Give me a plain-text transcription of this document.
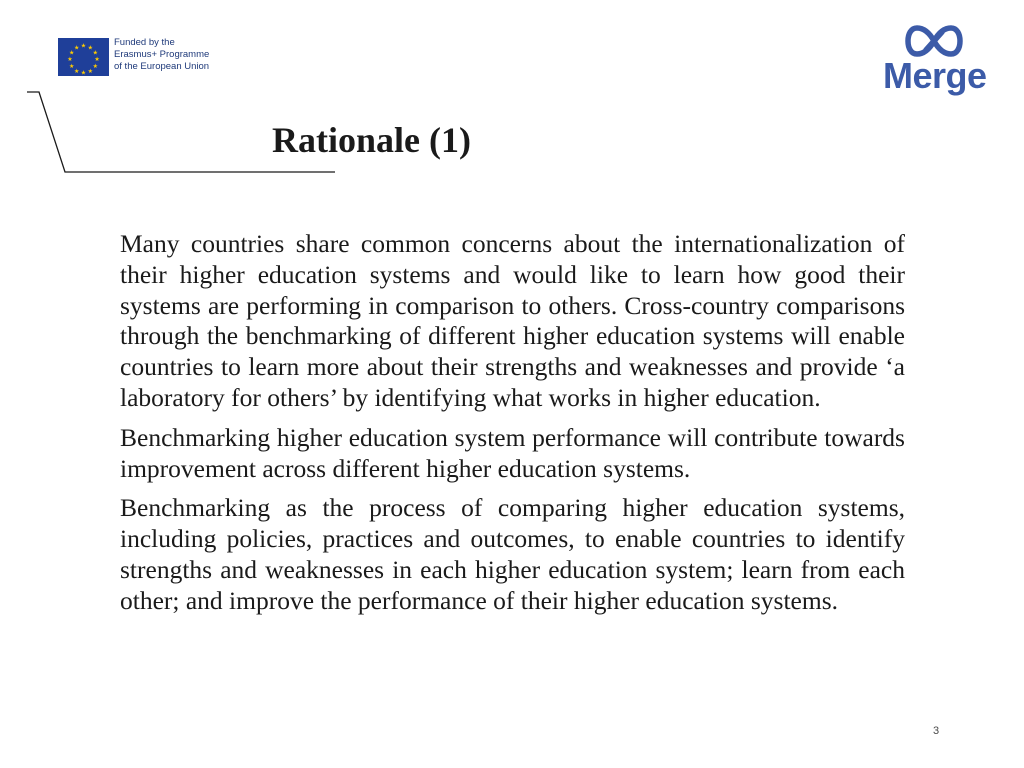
★ ★
★
★
★
★
★
★
★
★
★
★	Funded by the
Erasmus+ Programme
of the European Union	Merge
Rationale (1)

Many countries share common concerns about the internationalization of their higher education systems and would like to learn how good their systems are performing in comparison to others. Cross-country comparisons through the benchmarking of different higher education systems will enable countries to learn more about their strengths and weaknesses and provide ‘a laboratory for others’ by identifying what works in higher education.

Benchmarking higher education system performance will contribute towards improvement across different higher education systems.

Benchmarking as the process of comparing higher education systems, including policies, practices and outcomes, to enable countries to identify strengths and weaknesses in each higher education system; learn from each other; and improve the performance of their higher education systems.

3
